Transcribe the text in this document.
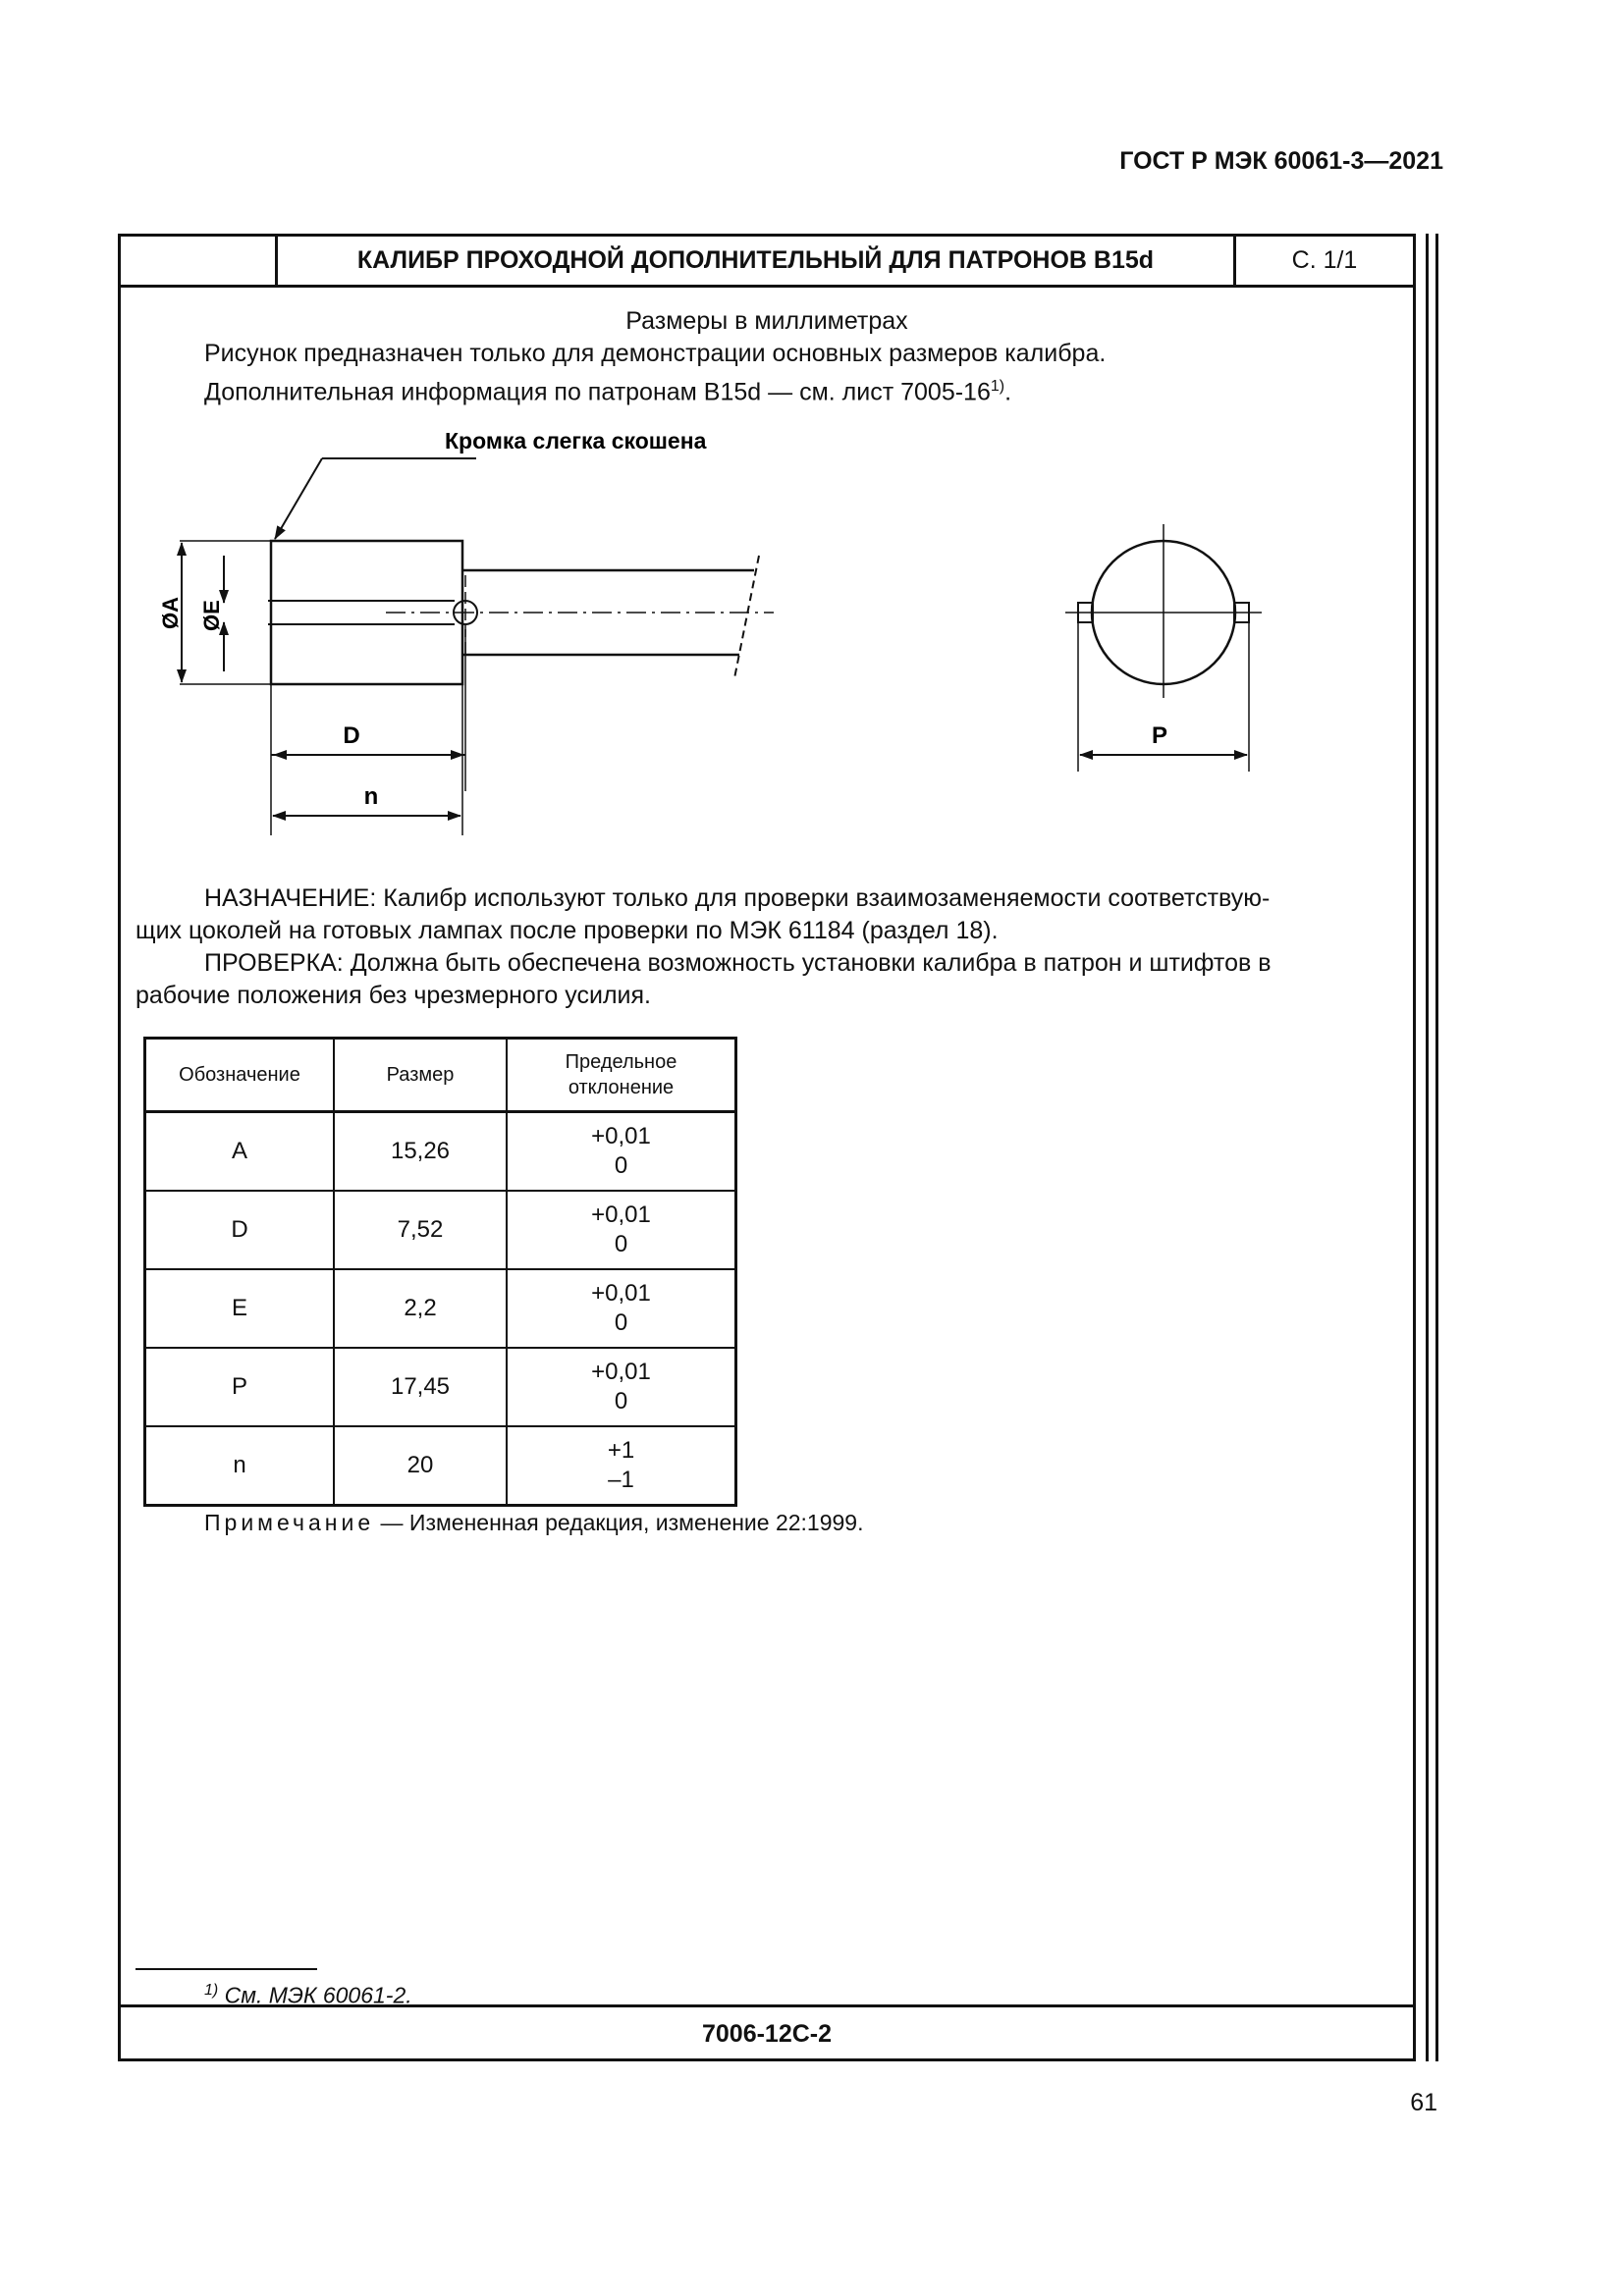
ГОСТ Р МЭК 60061-3—2021
КАЛИБР ПРОХОДНОЙ ДОПОЛНИТЕЛЬНЫЙ ДЛЯ ПАТРОНОВ B15d	С. 1/1
Размеры в миллиметрах
Рисунок предназначен только для демонстрации основных размеров калибра.
Дополнительная информация по патронам B15d — см. лист 7005-16$^{1)}$.
Кромка слегка скошена
ØA ØE
D
n
P
НАЗНАЧЕНИЕ: Калибр используют только для проверки взаимозаменяемости соответствую-
щих цоколей на готовых лампах после проверки по МЭК 61184 (раздел 18).
ПРОВЕРКА: Должна быть обеспечена возможность установки калибра в патрон и штифтов в
рабочие положения без чрезмерного усилия.
Обозначение	Размер	Предельное
отклонение
A	15,26	+0,01
0
D	7,52	+0,01
0
E	2,2	+0,01
0
P	17,45	+0,01
0
n	20	+1
–1
Примечание — Измененная редакция, изменение 22:1999.
$^{1)}$ См. МЭК 60061-2.
7006-12C-2
61
